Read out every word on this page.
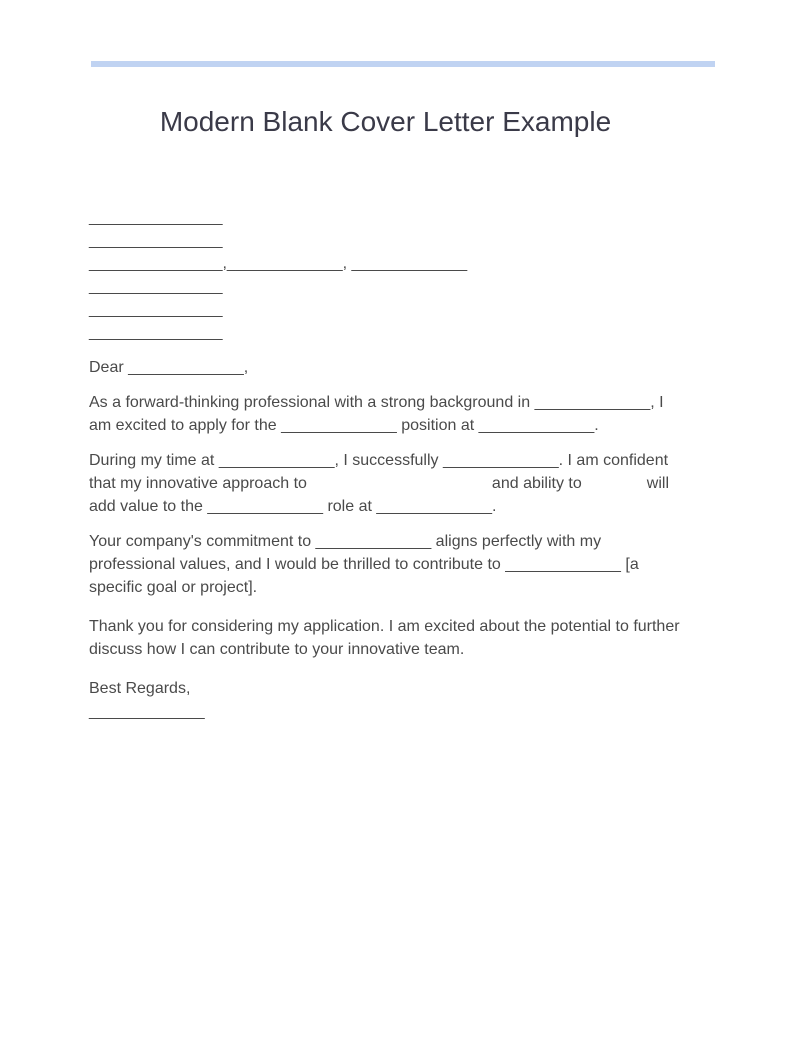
Modern Blank Cover Letter Example
_______________
_______________
_______________,_____________, _____________
_______________
_______________
_______________
Dear _____________,
As a forward-thinking professional with a strong background in _____________, I
am excited to apply for the _____________ position at _____________.
During my time at _____________, I successfully _____________. I am confident
that my innovative approach to	and ability to	will
add value to the _____________ role at _____________.
Your company's commitment to _____________ aligns perfectly with my
professional values, and I would be thrilled to contribute to _____________ [a
specific goal or project].
Thank you for considering my application. I am excited about the potential to further
discuss how I can contribute to your innovative team.
Best Regards,
_____________
